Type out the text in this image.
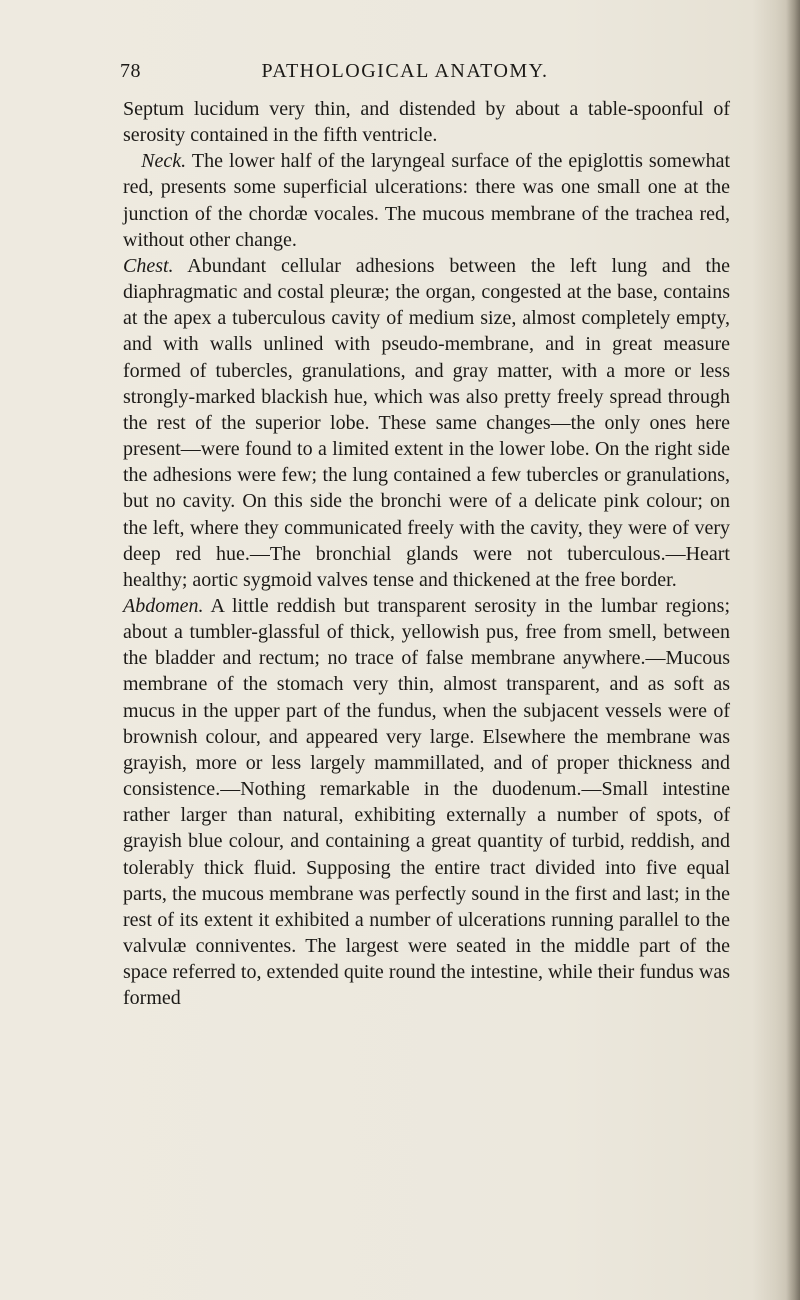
78	PATHOLOGICAL ANATOMY.

Septum lucidum very thin, and distended by about a table-spoonful of serosity contained in the fifth ventricle.

Neck. The lower half of the laryngeal surface of the epiglottis somewhat red, presents some superficial ulcerations: there was one small one at the junction of the chordæ vocales. The mucous membrane of the trachea red, without other change.

Chest. Abundant cellular adhesions between the left lung and the diaphragmatic and costal pleuræ; the organ, congested at the base, contains at the apex a tuberculous cavity of medium size, almost completely empty, and with walls unlined with pseudo-membrane, and in great measure formed of tubercles, granulations, and gray matter, with a more or less strongly-marked blackish hue, which was also pretty freely spread through the rest of the superior lobe. These same changes—the only ones here present—were found to a limited extent in the lower lobe. On the right side the adhesions were few; the lung contained a few tubercles or granulations, but no cavity. On this side the bronchi were of a delicate pink colour; on the left, where they communicated freely with the cavity, they were of very deep red hue.—The bronchial glands were not tuberculous.—Heart healthy; aortic sygmoid valves tense and thickened at the free border.

Abdomen. A little reddish but transparent serosity in the lumbar regions; about a tumbler-glassful of thick, yellowish pus, free from smell, between the bladder and rectum; no trace of false membrane anywhere.—Mucous membrane of the stomach very thin, almost transparent, and as soft as mucus in the upper part of the fundus, when the subjacent vessels were of brownish colour, and appeared very large. Elsewhere the membrane was grayish, more or less largely mammillated, and of proper thickness and consistence.—Nothing remarkable in the duodenum.—Small intestine rather larger than natural, exhibiting externally a number of spots, of grayish blue colour, and containing a great quantity of turbid, reddish, and tolerably thick fluid. Supposing the entire tract divided into five equal parts, the mucous membrane was perfectly sound in the first and last; in the rest of its extent it exhibited a number of ulcerations running parallel to the valvulæ conniventes. The largest were seated in the middle part of the space referred to, extended quite round the intestine, while their fundus was formed
